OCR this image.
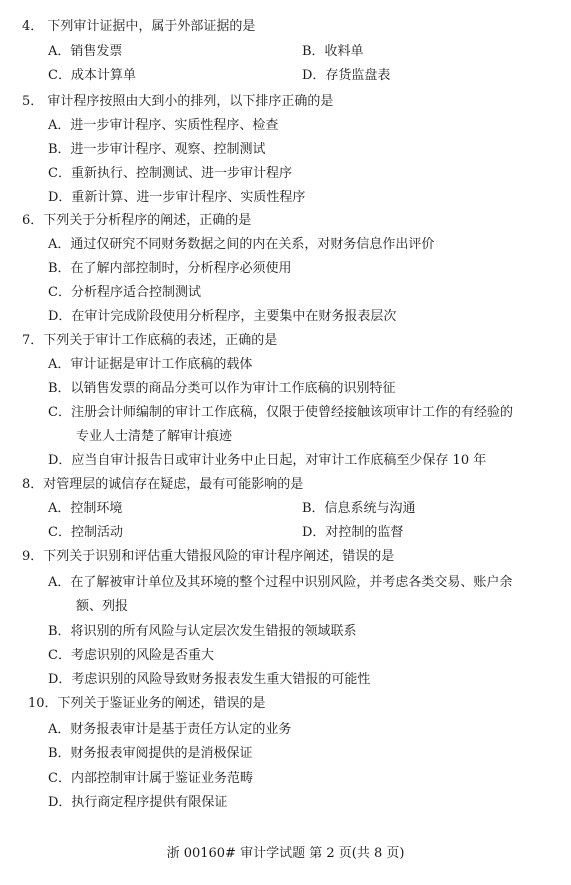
4． 下列审计证据中，属于外部证据的是
A．销售发票	B．收料单
C．成本计算单	D．存货监盘表
5． 审计程序按照由大到小的排列，以下排序正确的是
A．进一步审计程序、实质性程序、检查
B．进一步审计程序、观察、控制测试
C．重新执行、控制测试、进一步审计程序
D．重新计算、进一步审计程序、实质性程序
6．下列关于分析程序的阐述，正确的是
A．通过仅研究不同财务数据之间的内在关系，对财务信息作出评价
B．在了解内部控制时，分析程序必须使用
C．分析程序适合控制测试
D．在审计完成阶段使用分析程序，主要集中在财务报表层次
7．下列关于审计工作底稿的表述，正确的是
A．审计证据是审计工作底稿的载体
B．以销售发票的商品分类可以作为审计工作底稿的识别特征
C．注册会计师编制的审计工作底稿，仅限于使曾经接触该项审计工作的有经验的
专业人士清楚了解审计痕迹
D．应当自审计报告日或审计业务中止日起，对审计工作底稿至少保存 10 年
8．对管理层的诚信存在疑虑，最有可能影响的是
A．控制环境	B．信息系统与沟通
C．控制活动	D．对控制的监督
9．下列关于识别和评估重大错报风险的审计程序阐述，错误的是
A．在了解被审计单位及其环境的整个过程中识别风险，并考虑各类交易、账户余
额、列报
B．将识别的所有风险与认定层次发生错报的领域联系
C．考虑识别的风险是否重大
D．考虑识别的风险导致财务报表发生重大错报的可能性
10．下列关于鉴证业务的阐述，错误的是
A．财务报表审计是基于责任方认定的业务
B．财务报表审阅提供的是消极保证
C．内部控制审计属于鉴证业务范畴
D．执行商定程序提供有限保证
浙 00160# 审计学试题 第 2 页(共 8 页)
